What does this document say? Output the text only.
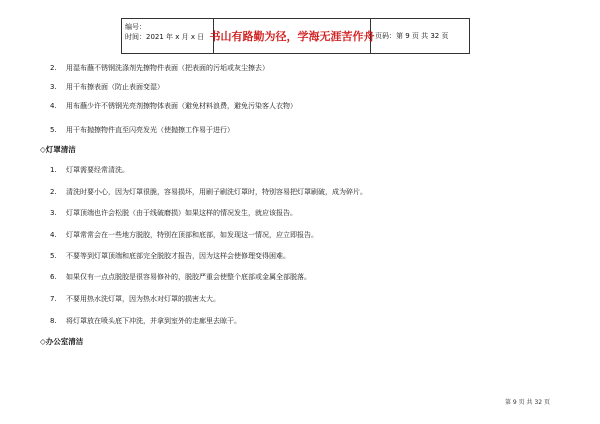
编号：
时间：2021 年 x 月 x 日 书山有路勤为径，学海无涯苦作舟 页码：第 9 页 共 32 页
2. 用湿布蘸不锈钢洗涤剂先擦物件表面（把表面的污垢或灰尘擦去）
3. 用干布擦表面（防止表面变湿）
4. 用布蘸少许不锈钢光亮剂擦物体表面（避免材料浪费，避免污染客人衣物）
5. 用干布抛擦物件直至闪亮发光（使抛擦工作易于进行）
◇灯罩清洁
1. 灯罩需要经常清洗。
2. 清洗时要小心，因为灯罩很脆，容易损坏，用刷子刷洗灯罩时，特别容易把灯罩刷破，成为碎片。
3. 灯罩顶端也许会松脱（由于线破磨损）如果这样的情况发生，就应该报告。
4. 灯罩常常会在一些地方脱胶，特别在顶部和底部，如发现这一情况，应立即报告。
5. 不要等到灯罩顶端和底部完全脱胶才报告，因为这样会使修理变得困难。
6. 如果仅有一点点脱胶是很容易修补的，脱胶严重会使整个底部或金属全部脱落。
7. 不要用热水洗灯罩，因为热水对灯罩的损害太大。
8. 将灯罩放在喷头底下冲洗，并拿到室外的走廊里去晾干。
◇办公室清洁
第 9 页 共 32 页
